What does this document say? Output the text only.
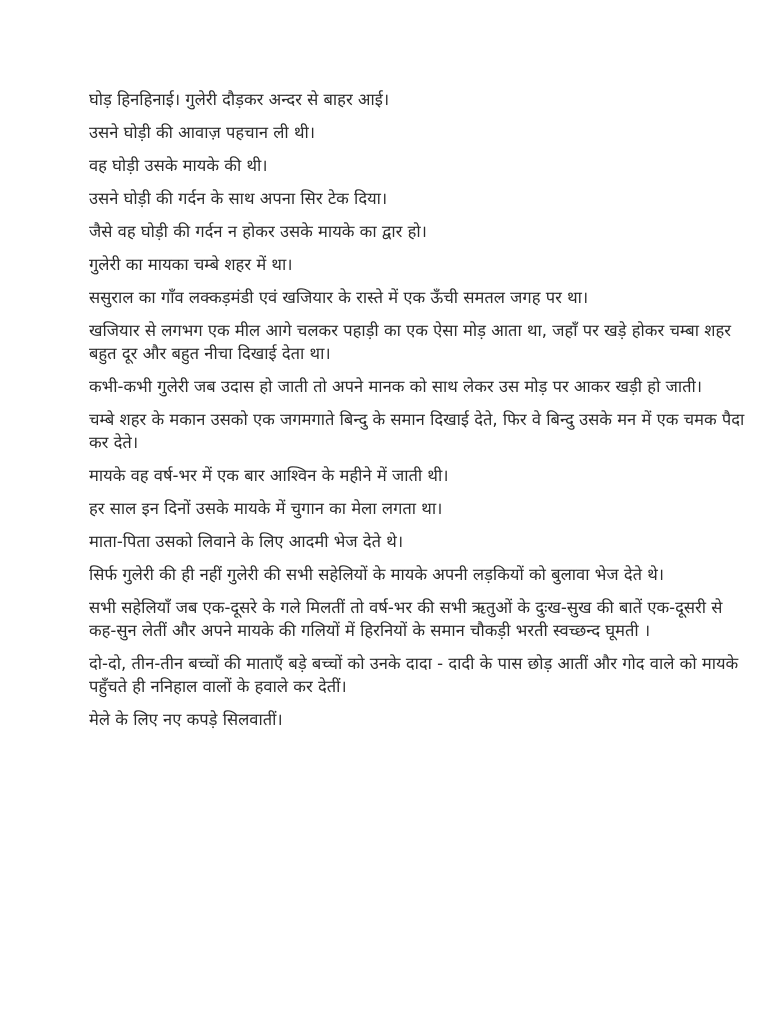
घोड़ हिनहिनाई। गुलेरी दौड़कर अन्दर से बाहर आई।

उसने घोड़ी की आवाज़ पहचान ली थी।

वह घोड़ी उसके मायके की थी।

उसने घोड़ी की गर्दन के साथ अपना सिर टेक दिया।

जैसे वह घोड़ी की गर्दन न होकर उसके मायके का द्वार हो।

गुलेरी का मायका चम्बे शहर में था।

ससुराल का गाँव लक्कड़मंडी एवं खजियार के रास्ते में एक ऊँची समतल जगह पर था।

खजियार से लगभग एक मील आगे चलकर पहाड़ी का एक ऐसा मोड़ आता था, जहाँ पर खड़े होकर चम्बा शहर बहुत दूर और बहुत नीचा दिखाई देता था।

कभी-कभी गुलेरी जब उदास हो जाती तो अपने मानक को साथ लेकर उस मोड़ पर आकर खड़ी हो जाती।

चम्बे शहर के मकान उसको एक जगमगाते बिन्दु के समान दिखाई देते, फिर वे बिन्दु उसके मन में एक चमक पैदा कर देते।

मायके वह वर्ष-भर में एक बार आश्विन के महीने में जाती थी।

हर साल इन दिनों उसके मायके में चुगान का मेला लगता था।

माता-पिता उसको लिवाने के लिए आदमी भेज देते थे।

सिर्फ गुलेरी की ही नहीं गुलेरी की सभी सहेलियों के मायके अपनी लड़कियों को बुलावा भेज देते थे।

सभी सहेलियाँ जब एक-दूसरे के गले मिलतीं तो वर्ष-भर की सभी ऋतुओं के दुःख-सुख की बातें एक-दूसरी से कह-सुन लेतीं और अपने मायके की गलियों में हिरनियों के समान चौकड़ी भरती स्वच्छन्द घूमती ।

दो-दो, तीन-तीन बच्चों की माताएँ बड़े बच्चों को उनके दादा - दादी के पास छोड़ आतीं और गोद वाले को मायके पहुँचते ही ननिहाल वालों के हवाले कर देतीं।

मेले के लिए नए कपड़े सिलवातीं।
